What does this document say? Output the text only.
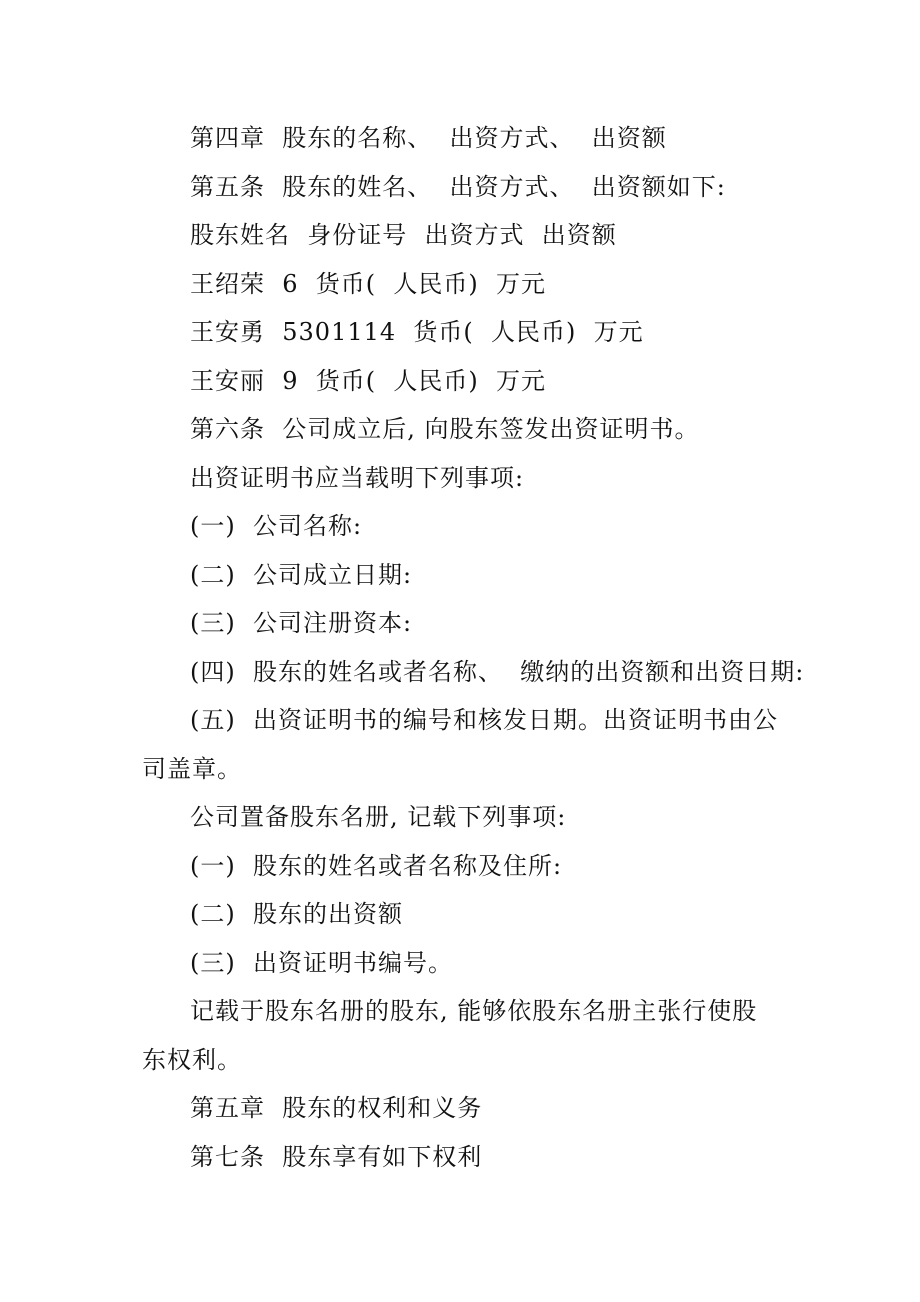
第四章  股东的名称、  出资方式、  出资额
第五条  股东的姓名、  出资方式、  出资额如下:
股东姓名  身份证号  出资方式  出资额
王绍荣  6  货币(  人民币)  万元
王安勇  5301114  货币(  人民币)  万元
王安丽  9  货币(  人民币)  万元
第六条  公司成立后, 向股东签发出资证明书。
出资证明书应当载明下列事项:
(一)  公司名称:
(二)  公司成立日期:
(三)  公司注册资本:
(四)  股东的姓名或者名称、  缴纳的出资额和出资日期:
(五)  出资证明书的编号和核发日期。出资证明书由公
司盖章。
公司置备股东名册, 记载下列事项:
(一)  股东的姓名或者名称及住所:
(二)  股东的出资额
(三)  出资证明书编号。
记载于股东名册的股东, 能够依股东名册主张行使股
东权利。
第五章  股东的权利和义务
第七条  股东享有如下权利
